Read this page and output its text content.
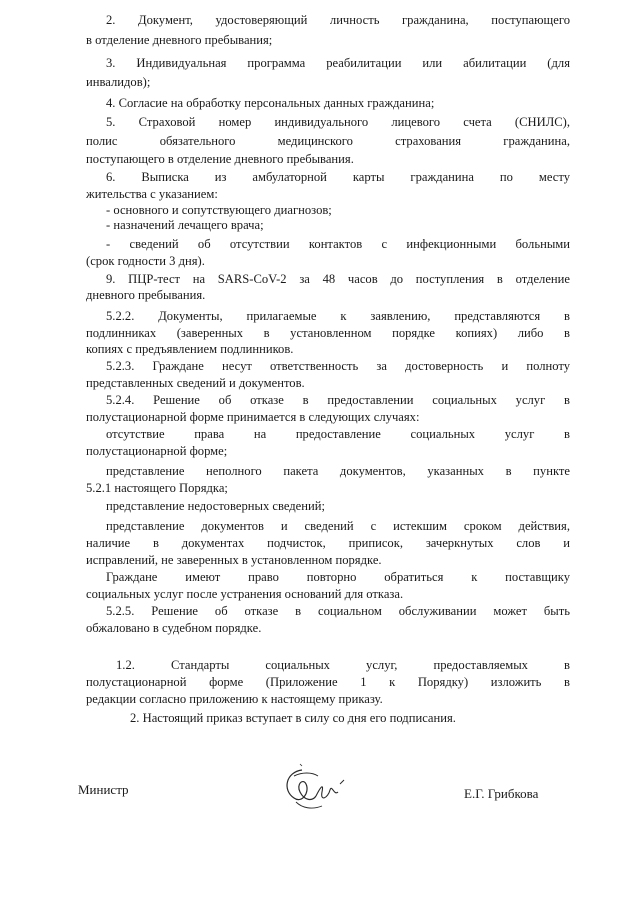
2. Документ, удостоверяющий личность гражданина, поступающего
в отделение дневного пребывания;
3. Индивидуальная программа реабилитации или абилитации (для
инвалидов);
4. Согласие на обработку персональных данных гражданина;
5. Страховой номер индивидуального лицевого счета (СНИЛС),
полис обязательного медицинского страхования гражданина,
поступающего в отделение дневного пребывания.
6. Выписка из амбулаторной карты гражданина по месту
жительства с указанием:
- основного и сопутствующего диагнозов;
- назначений лечащего врача;
- сведений об отсутствии контактов с инфекционными больными
(срок годности 3 дня).
9. ПЦР-тест на SARS-CoV-2 за 48 часов до поступления в отделение
дневного пребывания.
5.2.2. Документы, прилагаемые к заявлению, представляются в
подлинниках (заверенных в установленном порядке копиях) либо в
копиях с предъявлением подлинников.
5.2.3. Граждане несут ответственность за достоверность и полноту
представленных сведений и документов.
5.2.4. Решение об отказе в предоставлении социальных услуг в
полустационарной форме принимается в следующих случаях:
отсутствие права на предоставление социальных услуг в
полустационарной форме;
представление неполного пакета документов, указанных в пункте
5.2.1 настоящего Порядка;
представление недостоверных сведений;
представление документов и сведений с истекшим сроком действия,
наличие в документах подчисток, приписок, зачеркнутых слов и
исправлений, не заверенных в установленном порядке.
Граждане имеют право повторно обратиться к поставщику
социальных услуг после устранения оснований для отказа.
5.2.5. Решение об отказе в социальном обслуживании может быть
обжаловано в судебном порядке.
1.2. Стандарты социальных услуг, предоставляемых в
полустационарной форме (Приложение 1 к Порядку) изложить в
редакции согласно приложению к настоящему приказу.
2. Настоящий приказ вступает в силу со дня его подписания.
Министр	Е.Г. Грибкова
